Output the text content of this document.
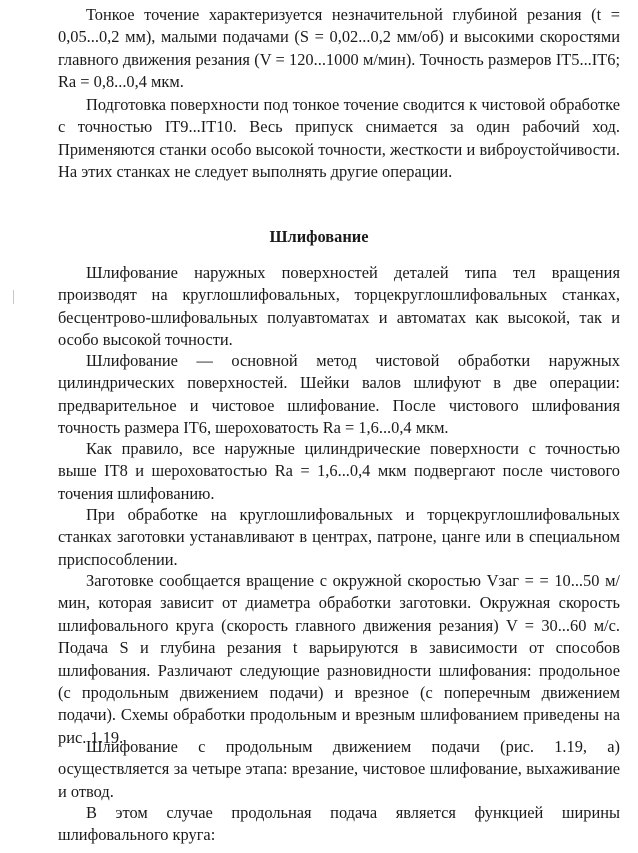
Тонкое точение характеризуется незначительной глубиной резания (t = 0,05...0,2 мм), малыми подачами (S = 0,02...0,2 мм/об) и высокими скоростями главного движения резания (V = 120...1000 м/мин). Точность размеров IT5...IT6; Ra = 0,8...0,4 мкм.

Подготовка поверхности под тонкое точение сводится к чистовой обработке с точностью IT9...IT10. Весь припуск снимается за один рабочий ход. Применяются станки особо высокой точности, жесткости и виброустойчивости. На этих станках не следует выполнять другие операции.

Шлифование

Шлифование наружных поверхностей деталей типа тел вращения производят на круглошлифовальных, торцекруглошлифовальных станках, бесцентрово-шлифовальных полуавтоматах и автоматах как высокой, так и особо высокой точности.

Шлифование — основной метод чистовой обработки наружных цилиндрических поверхностей. Шейки валов шлифуют в две операции: предварительное и чистовое шлифование. После чистового шлифования точность размера IT6, шероховатость Ra = 1,6...0,4 мкм.

Как правило, все наружные цилиндрические поверхности с точностью выше IT8 и шероховатостью Ra = 1,6...0,4 мкм подвергают после чистового точения шлифованию.

При обработке на круглошлифовальных и торцекруглошлифовальных станках заготовки устанавливают в центрах, патроне, цанге или в специальном приспособлении.

Заготовке сообщается вращение с окружной скоростью Vзаг = = 10...50 м/мин, которая зависит от диаметра обработки заготовки. Окружная скорость шлифовального круга (скорость главного движения резания) V = 30...60 м/с. Подача S и глубина резания t варьируются в зависимости от способов шлифования. Различают следующие разновидности шлифования: продольное (с продольным движением подачи) и врезное (с поперечным движением подачи). Схемы обработки продольным и врезным шлифованием приведены на рис. 1.19.

Шлифование с продольным движением подачи (рис. 1.19, а) осуществляется за четыре этапа: врезание, чистовое шлифование, выхаживание и отвод.

В этом случае продольная подача является функцией ширины шлифовального круга:
